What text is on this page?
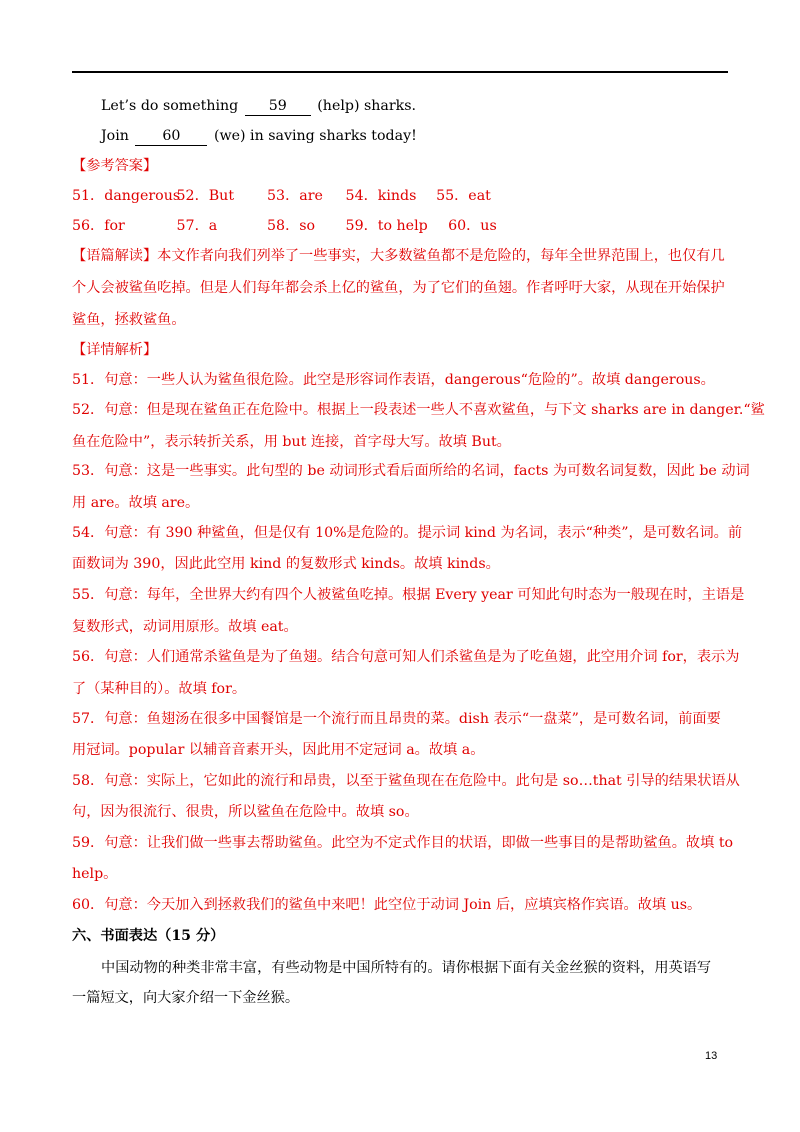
Let’s do something 59 (help) sharks.
Join 60 (we) in saving sharks today!
【参考答案】
51．dangerous 52．But 53．are 54．kinds 55．eat
56．for	57．a	58．so 59．to help 60．us
【语篇解读】本文作者向我们列举了一些事实，大多数鲨鱼都不是危险的，每年全世界范围上，也仅有几
个人会被鲨鱼吃掉。但是人们每年都会杀上亿的鲨鱼，为了它们的鱼翅。作者呼吁大家，从现在开始保护
鲨鱼，拯救鲨鱼。
【详情解析】
51．句意：一些人认为鲨鱼很危险。此空是形容词作表语，dangerous“危险的”。故填 dangerous。
52．句意：但是现在鲨鱼正在危险中。根据上一段表述一些人不喜欢鲨鱼，与下文 sharks are in danger.“鲨
鱼在危险中”，表示转折关系，用 but 连接，首字母大写。故填 But。
53．句意：这是一些事实。此句型的 be 动词形式看后面所给的名词，facts 为可数名词复数，因此 be 动词
用 are。故填 are。
54．句意：有 390 种鲨鱼，但是仅有 10%是危险的。提示词 kind 为名词，表示“种类”，是可数名词。前
面数词为 390，因此此空用 kind 的复数形式 kinds。故填 kinds。
55．句意：每年，全世界大约有四个人被鲨鱼吃掉。根据 Every year 可知此句时态为一般现在时，主语是
复数形式，动词用原形。故填 eat。
56．句意：人们通常杀鲨鱼是为了鱼翅。结合句意可知人们杀鲨鱼是为了吃鱼翅，此空用介词 for，表示为
了（某种目的）。故填 for。
57．句意：鱼翅汤在很多中国餐馆是一个流行而且昂贵的菜。dish 表示“一盘菜”，是可数名词，前面要
用冠词。popular 以辅音音素开头，因此用不定冠词 a。故填 a。
58．句意：实际上，它如此的流行和昂贵，以至于鲨鱼现在在危险中。此句是 so…that 引导的结果状语从
句，因为很流行、很贵，所以鲨鱼在危险中。故填 so。
59．句意：让我们做一些事去帮助鲨鱼。此空为不定式作目的状语，即做一些事目的是帮助鲨鱼。故填 to
help。
60．句意：今天加入到拯救我们的鲨鱼中来吧！此空位于动词 Join 后，应填宾格作宾语。故填 us。
六、书面表达（15 分）
中国动物的种类非常丰富，有些动物是中国所特有的。请你根据下面有关金丝猴的资料，用英语写
一篇短文，向大家介绍一下金丝猴。
13
